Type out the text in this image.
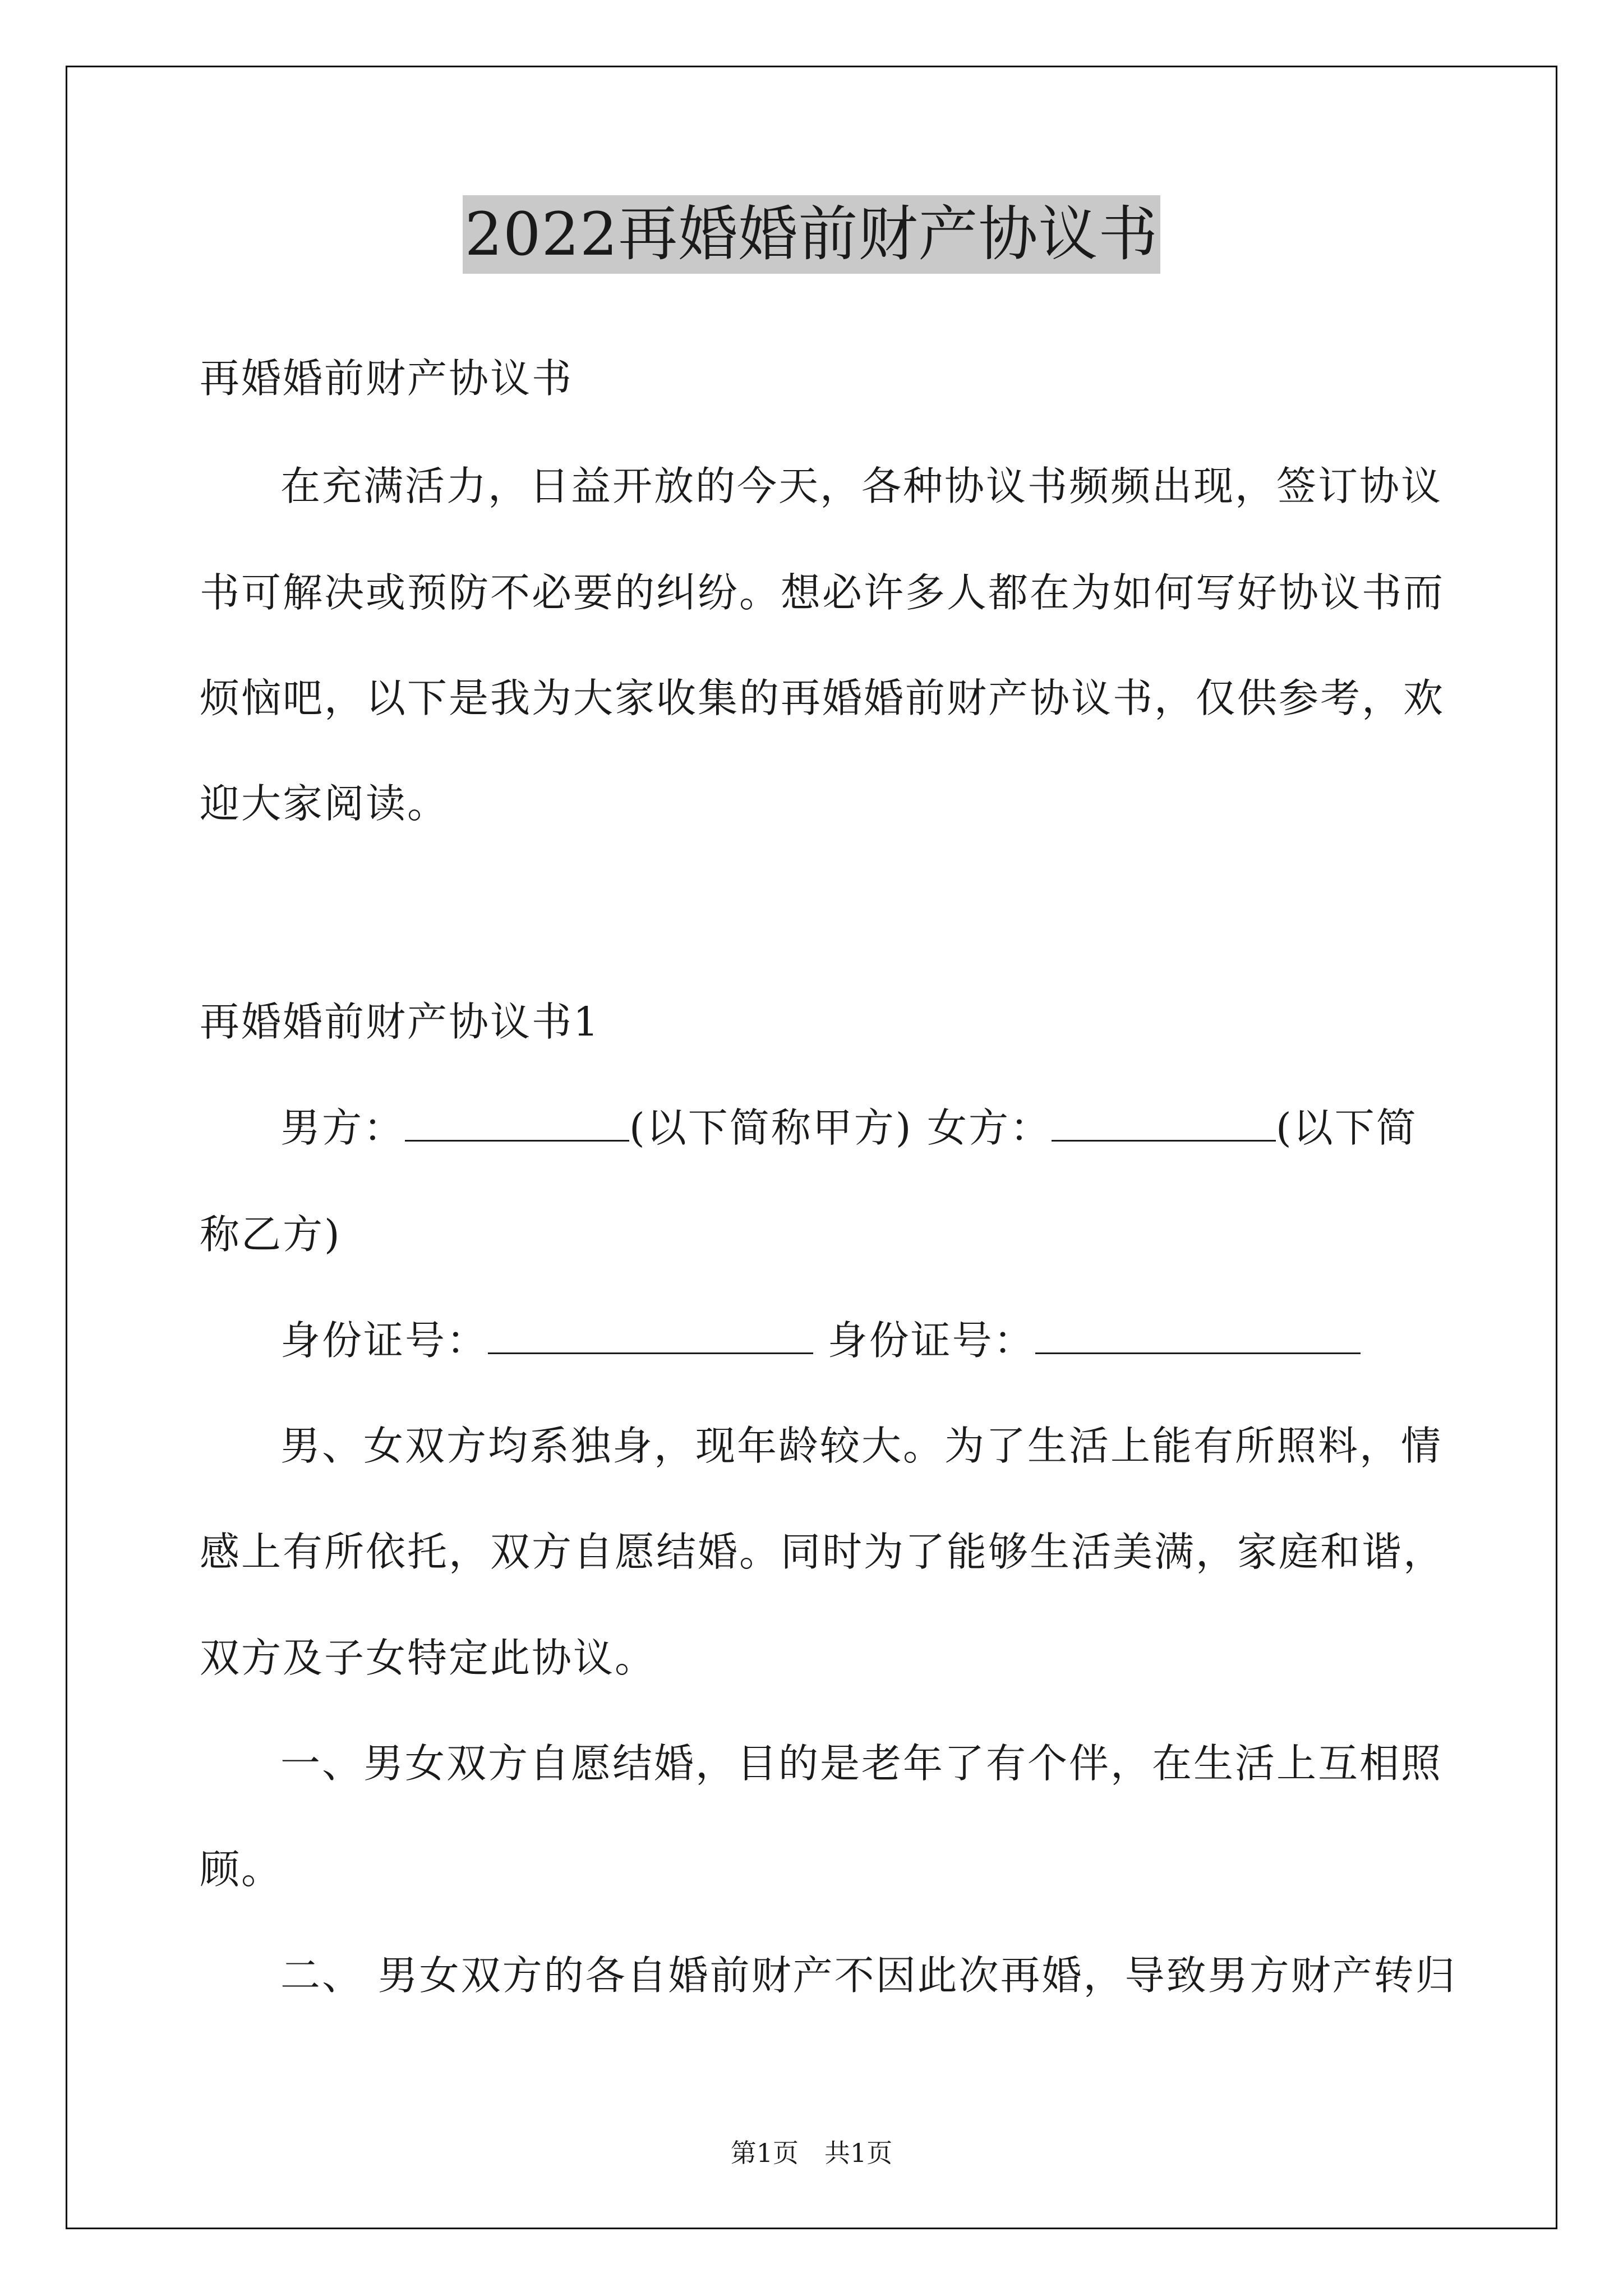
2022再婚婚前财产协议书
再婚婚前财产协议书
在充满活力，日益开放的今天，各种协议书频频出现，签订协议
书可解决或预防不必要的纠纷。想必许多人都在为如何写好协议书而
烦恼吧，以下是我为大家收集的再婚婚前财产协议书，仅供参考，欢
迎大家阅读。
再婚婚前财产协议书1
男方：	(以下简称甲方) 女方：	(以下简
称乙方)
身份证号：	身份证号：
男、女双方均系独身，现年龄较大。为了生活上能有所照料，情
感上有所依托，双方自愿结婚。同时为了能够生活美满，家庭和谐，
双方及子女特定此协议。
一、男女双方自愿结婚，目的是老年了有个伴，在生活上互相照
顾。
二、 男女双方的各自婚前财产不因此次再婚，导致男方财产转归
第1页　共1页
